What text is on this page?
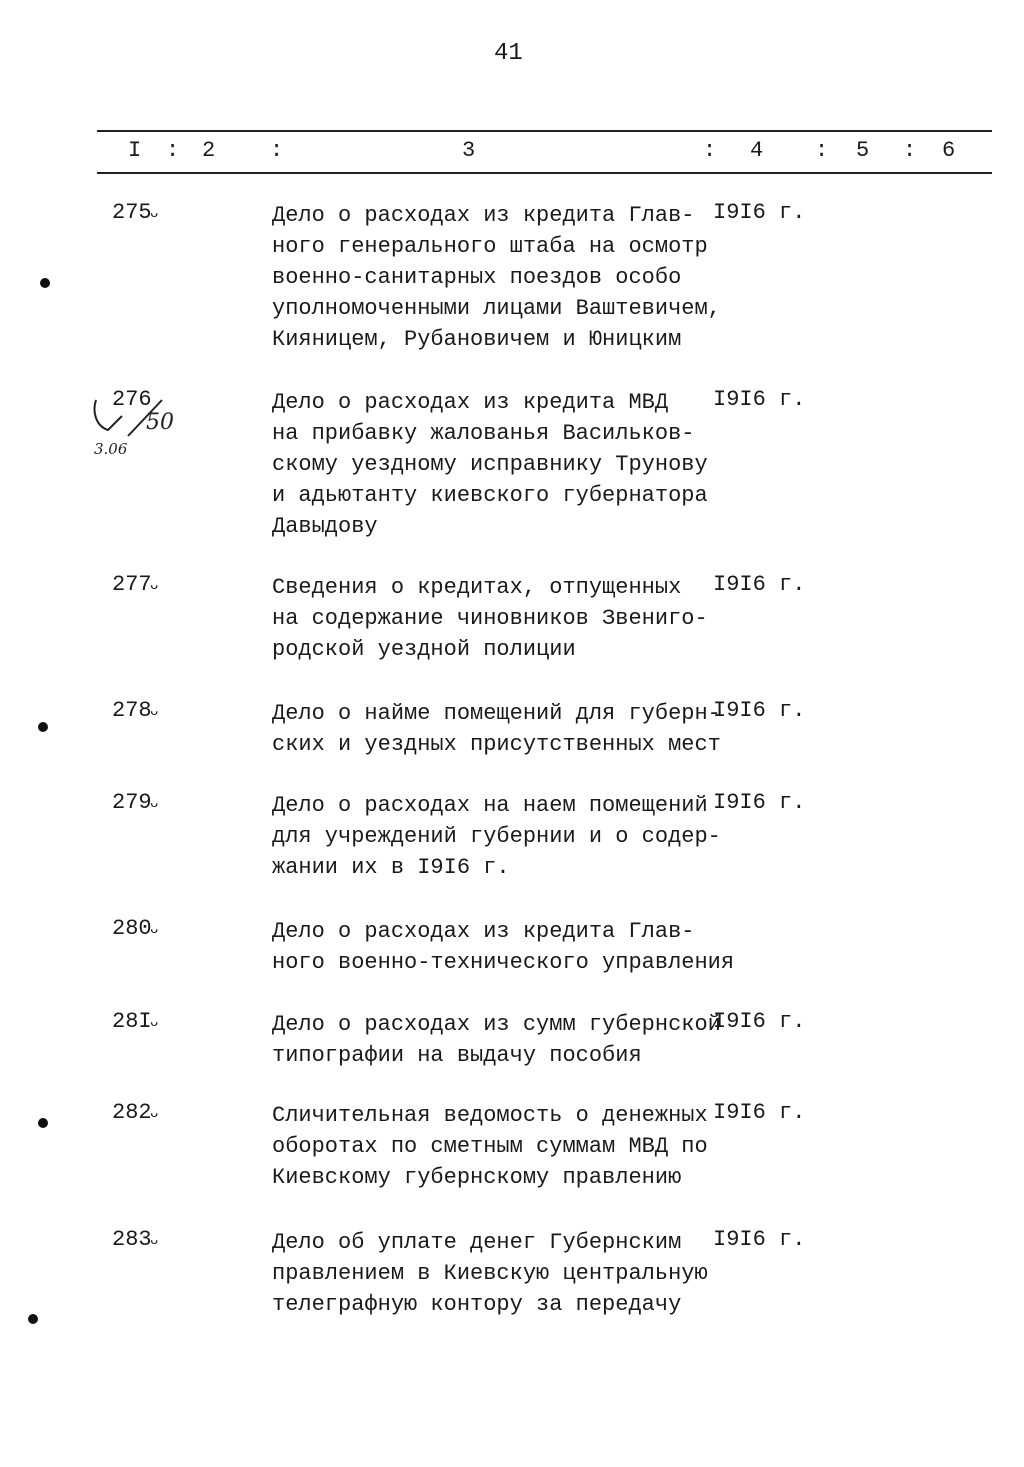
41
I : 2 :	3	: 4 : 5 : 6
275
ᴗ	Дело о расходах из кредита Глав-
ного генерального штаба на осмотр
военно-санитарных поездов особо
уполномоченными лицами Ваштевичем,
Кияницем, Рубановичем и Юницким
I9I6 г.
276	Дело о расходах из кредита МВД
на прибавку жалованья Васильков-
скому уездному исправнику Трунову
и адьютанту киевского губернатора
Давыдову
I9I6 г.
277
ᴗ	Сведения о кредитах, отпущенных
на содержание чиновников Звениго-
родской уездной полиции
I9I6 г.
278
ᴗ	Дело о найме помещений для губерн-
ских и уездных присутственных мест
I9I6 г.
279
ᴗ	Дело о расходах на наем помещений
для учреждений губернии и о содер-
жании их в I9I6 г.
I9I6 г.
280
ᴗ	Дело о расходах из кредита Глав-
ного военно-технического управления
28I
ᴗ	Дело о расходах из сумм губернской
типографии на выдачу пособия
I9I6 г.
282
ᴗ	Сличительная ведомость о денежных
оборотах по сметным суммам МВД по
Киевскому губернскому правлению
I9I6 г.
283
ᴗ	Дело об уплате денег Губернским
правлением в Киевскую центральную
телеграфную контору за передачу
I9I6 г.
50
3.06
